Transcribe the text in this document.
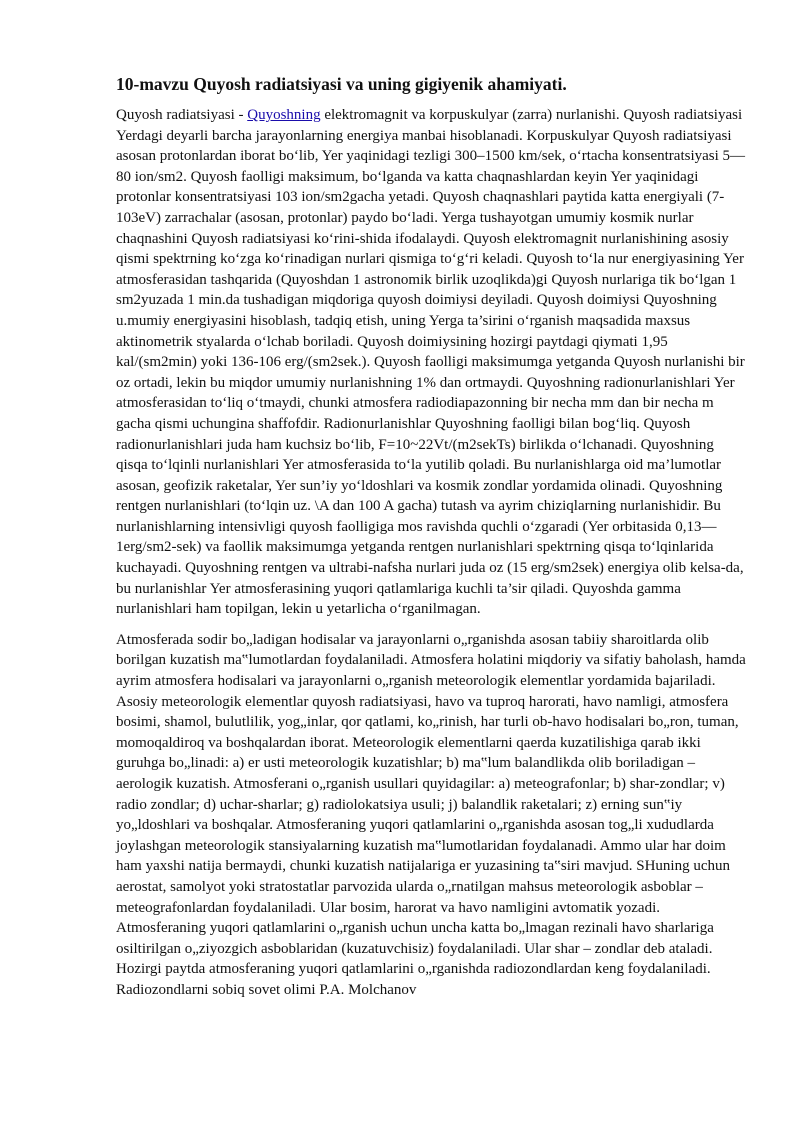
10-mavzu Quyosh radiatsiyasi va uning gigiyenik ahamiyati.

Quyosh radiatsiyasi - Quyoshning elektromagnit va korpuskulyar (zarra) nurlanishi. Quyosh radiatsiyasi Yerdagi deyarli barcha jarayonlarning energiya manbai hisoblanadi. Korpuskulyar Quyosh radiatsiyasi asosan protonlardan iborat bo‘lib, Yer yaqinidagi tezligi 300–1500 km/sek, o‘rtacha konsentratsiyasi 5—80 ion/sm2. Quyosh faolligi maksimum, bo‘lganda va katta chaqnashlardan keyin Yer yaqinidagi protonlar konsentratsiyasi 103 ion/sm2gacha yetadi. Quyosh chaqnashlari paytida katta energiyali (7-103eV) zarrachalar (asosan, protonlar) paydo bo‘ladi. Yerga tushayotgan umumiy kosmik nurlar chaqnashini Quyosh radiatsiyasi ko‘rini-shida ifodalaydi. Quyosh elektromagnit nurlanishining asosiy qismi spektrning ko‘zga ko‘rinadigan nurlari qismiga to‘g‘ri keladi. Quyosh to‘la nur energiyasining Yer atmosferasidan tashqarida (Quyoshdan 1 astronomik birlik uzoqlikda)gi Quyosh nurlariga tik bo‘lgan 1 sm2yuzada 1 min.da tushadigan miqdoriga quyosh doimiysi deyiladi. Quyosh doimiysi Quyoshning u.mumiy energiyasini hisoblash, tadqiq etish, uning Yerga ta’sirini o‘rganish maqsadida maxsus aktinometrik styalarda o‘lchab boriladi. Quyosh doimiysining hozirgi paytdagi qiymati 1,95 kal/(sm2min) yoki 136-106 erg/(sm2sek.). Quyosh faolligi maksimumga yetganda Quyosh nurlanishi bir oz ortadi, lekin bu miqdor umumiy nurlanishning 1% dan ortmaydi. Quyoshning radionurlanishlari Yer atmosferasidan to‘liq o‘tmaydi, chunki atmosfera radiodiapazonning bir necha mm dan bir necha m gacha qismi uchungina shaffofdir. Radionurlanishlar Quyoshning faolligi bilan bog‘liq. Quyosh radionurlanishlari juda ham kuchsiz bo‘lib, F=10~22Vt/(m2sekTs) birlikda o‘lchanadi. Quyoshning qisqa to‘lqinli nurlanishlari Yer atmosferasida to‘la yutilib qoladi. Bu nurlanishlarga oid ma’lumotlar asosan, geofizik raketalar, Yer sun’iy yo‘ldoshlari va kosmik zondlar yordamida olinadi. Quyoshning rentgen nurlanishlari (to‘lqin uz. \A dan 100 A gacha) tutash va ayrim chiziqlarning nurlanishidir. Bu nurlanishlarning intensivligi quyosh faolligiga mos ravishda quchli o‘zgaradi (Yer orbitasida 0,13—1erg/sm2-sek) va faollik maksimumga yetganda rentgen nurlanishlari spektrning qisqa to‘lqinlarida kuchayadi. Quyoshning rentgen va ultrabi-nafsha nurlari juda oz (15 erg/sm2sek) energiya olib kelsa-da, bu nurlanishlar Yer atmosferasining yuqori qatlamlariga kuchli ta’sir qiladi. Quyoshda gamma nurlanishlari ham topilgan, lekin u yetarlicha o‘rganilmagan.

Atmosferada sodir bo„ladigan hodisalar va jarayonlarni o„rganishda asosan tabiiy sharoitlarda olib borilgan kuzatish ma‟lumotlardan foydalaniladi. Atmosfera holatini miqdoriy va sifatiy baholash, hamda ayrim atmosfera hodisalari va jarayonlarni o„rganish meteorologik elementlar yordamida bajariladi. Asosiy meteorologik elementlar quyosh radiatsiyasi, havo va tuproq harorati, havo namligi, atmosfera bosimi, shamol, bulutlilik, yog„inlar, qor qatlami, ko„rinish, har turli ob-havo hodisalari bo„ron, tuman, momoqaldiroq va boshqalardan iborat. Meteorologik elementlarni qaerda kuzatilishiga qarab ikki guruhga bo„linadi: a) er usti meteorologik kuzatishlar; b) ma‟lum balandlikda olib boriladigan – aerologik kuzatish. Atmosferani o„rganish usullari quyidagilar: a) meteografonlar; b) shar-zondlar; v) radio zondlar; d) uchar-sharlar; g) radiolokatsiya usuli; j) balandlik raketalari; z) erning sun‟iy yo„ldoshlari va boshqalar. Atmosferaning yuqori qatlamlarini o„rganishda asosan tog„li xududlarda joylashgan meteorologik stansiyalarning kuzatish ma‟lumotlaridan foydalanadi. Ammo ular har doim ham yaxshi natija bermaydi, chunki kuzatish natijalariga er yuzasining ta‟siri mavjud. SHuning uchun aerostat, samolyot yoki stratostatlar parvozida ularda o„rnatilgan mahsus meteorologik asboblar – meteografonlardan foydalaniladi. Ular bosim, harorat va havo namligini avtomatik yozadi. Atmosferaning yuqori qatlamlarini o„rganish uchun uncha katta bo„lmagan rezinali havo sharlariga osiltirilgan o„ziyozgich asboblaridan (kuzatuvchisiz) foydalaniladi. Ular shar – zondlar deb ataladi. Hozirgi paytda atmosferaning yuqori qatlamlarini o„rganishda radiozondlardan keng foydalaniladi. Radiozondlarni sobiq sovet olimi P.A. Molchanov
